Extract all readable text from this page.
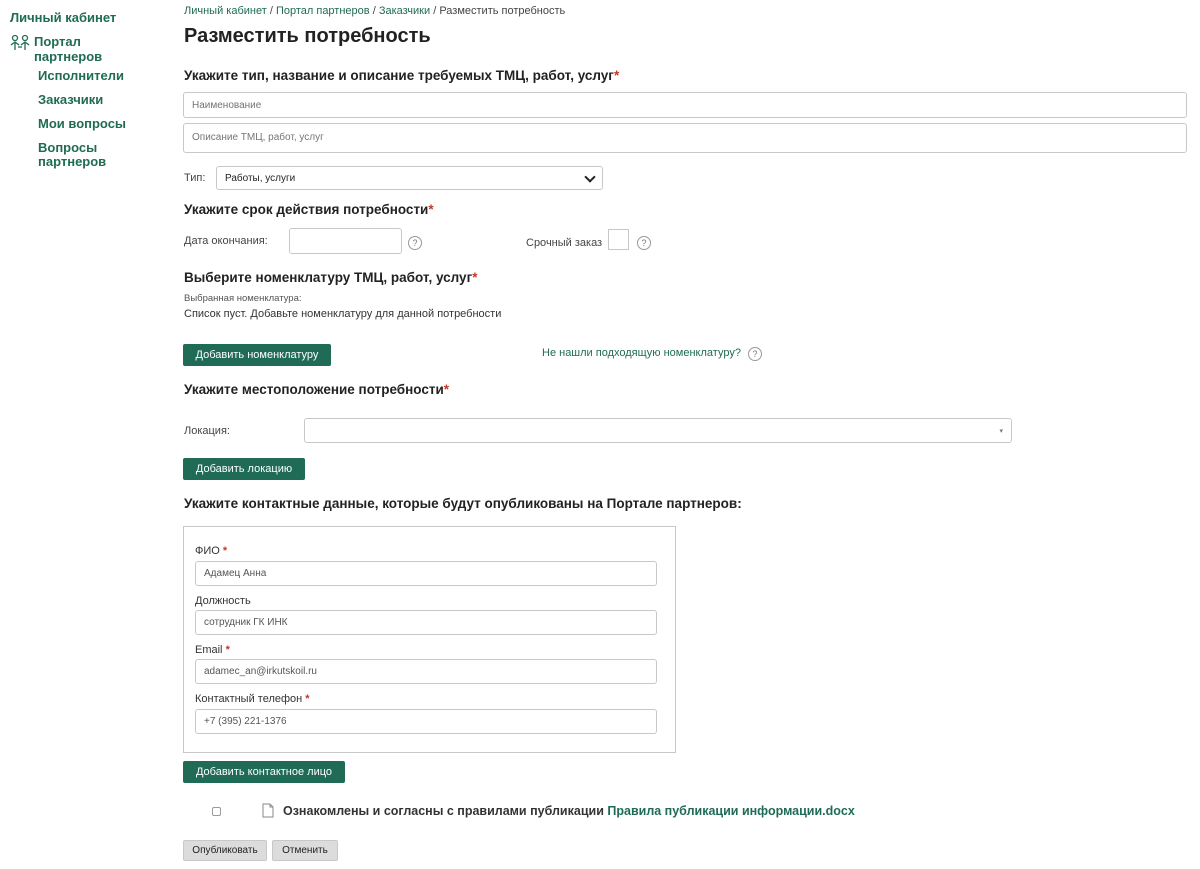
Личный кабинет
Портал партнеров
Исполнители
Заказчики
Мои вопросы
Вопросы партнеров
Личный кабинет / Портал партнеров / Заказчики / Разместить потребность
Разместить потребность
Укажите тип, название и описание требуемых ТМЦ, работ, услуг*
Наименование
Описание ТМЦ, работ, услуг
Тип: Работы, услуги
Укажите срок действия потребности*
Дата окончания:	?	Срочный заказ	?
Выберите номенклатуру ТМЦ, работ, услуг*
Выбранная номенклатура:
Список пуст. Добавьте номенклатуру для данной потребности
Добавить номенклатуру	Не нашли подходящую номенклатуру?	?
Укажите местоположение потребности*
Локация:	▾
Добавить локацию
Укажите контактные данные, которые будут опубликованы на Портале партнеров:
ФИО *
Адамец Анна
Должность
сотрудник ГК ИНК
Email *
adamec_an@irkutskoil.ru
Контактный телефон *
+7 (395) 221-1376
Добавить контактное лицо
Ознакомлены и согласны с правилами публикации Правила публикации информации.docx
Опубликовать	Отменить
